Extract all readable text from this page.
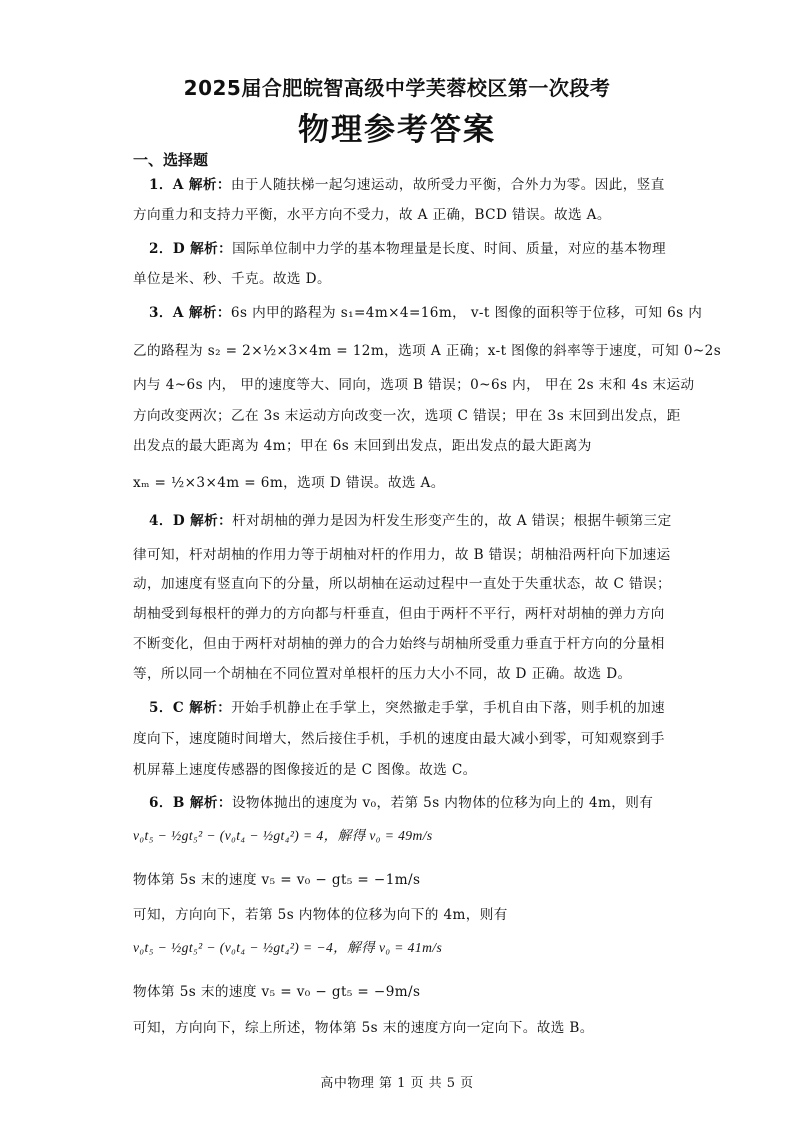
2025届合肥皖智高级中学芙蓉校区第一次段考
物理参考答案
一、选择题
1．A 解析：由于人随扶梯一起匀速运动，故所受力平衡，合外力为零。因此，竖直
方向重力和支持力平衡，水平方向不受力，故 A 正确，BCD 错误。故选 A。
2．D 解析：国际单位制中力学的基本物理量是长度、时间、质量，对应的基本物理
单位是米、秒、千克。故选 D。
3．A 解析：6s 内甲的路程为 s₁=4m×4=16m， v-t 图像的面积等于位移，可知 6s 内
乙的路程为 s₂ = 2×½×3×4m = 12m，选项 A 正确；x-t 图像的斜率等于速度，可知 0~2s
内与 4~6s 内， 甲的速度等大、同向，选项 B 错误；0~6s 内， 甲在 2s 末和 4s 末运动
方向改变两次；乙在 3s 末运动方向改变一次，选项 C 错误；甲在 3s 末回到出发点，距
出发点的最大距离为 4m；甲在 6s 末回到出发点，距出发点的最大距离为
xₘ = ½×3×4m = 6m，选项 D 错误。故选 A。
4．D 解析：杆对胡柚的弹力是因为杆发生形变产生的，故 A 错误；根据牛顿第三定
律可知，杆对胡柚的作用力等于胡柚对杆的作用力，故 B 错误；胡柚沿两杆向下加速运
动，加速度有竖直向下的分量，所以胡柚在运动过程中一直处于失重状态，故 C 错误；
胡柚受到每根杆的弹力的方向都与杆垂直，但由于两杆不平行，两杆对胡柚的弹力方向
不断变化，但由于两杆对胡柚的弹力的合力始终与胡柚所受重力垂直于杆方向的分量相
等，所以同一个胡柚在不同位置对单根杆的压力大小不同，故 D 正确。故选 D。
5．C 解析：开始手机静止在手掌上，突然撤走手掌，手机自由下落，则手机的加速
度向下，速度随时间增大，然后接住手机，手机的速度由最大减小到零，可知观察到手
机屏幕上速度传感器的图像接近的是 C 图像。故选 C。
6．B 解析：设物体抛出的速度为 v₀，若第 5s 内物体的位移为向上的 4m，则有
v₀t₅ − ½gt₅² − (v₀t₄ − ½gt₄²) = 4，解得 v₀ = 49m/s
物体第 5s 末的速度 v₅ = v₀ − gt₅ = −1m/s
可知，方向向下，若第 5s 内物体的位移为向下的 4m，则有
v₀t₅ − ½gt₅² − (v₀t₄ − ½gt₄²) = −4，解得 v₀ = 41m/s
物体第 5s 末的速度 v₅ = v₀ − gt₅ = −9m/s
可知，方向向下，综上所述，物体第 5s 末的速度方向一定向下。故选 B。
高中物理 第 1 页 共 5 页
